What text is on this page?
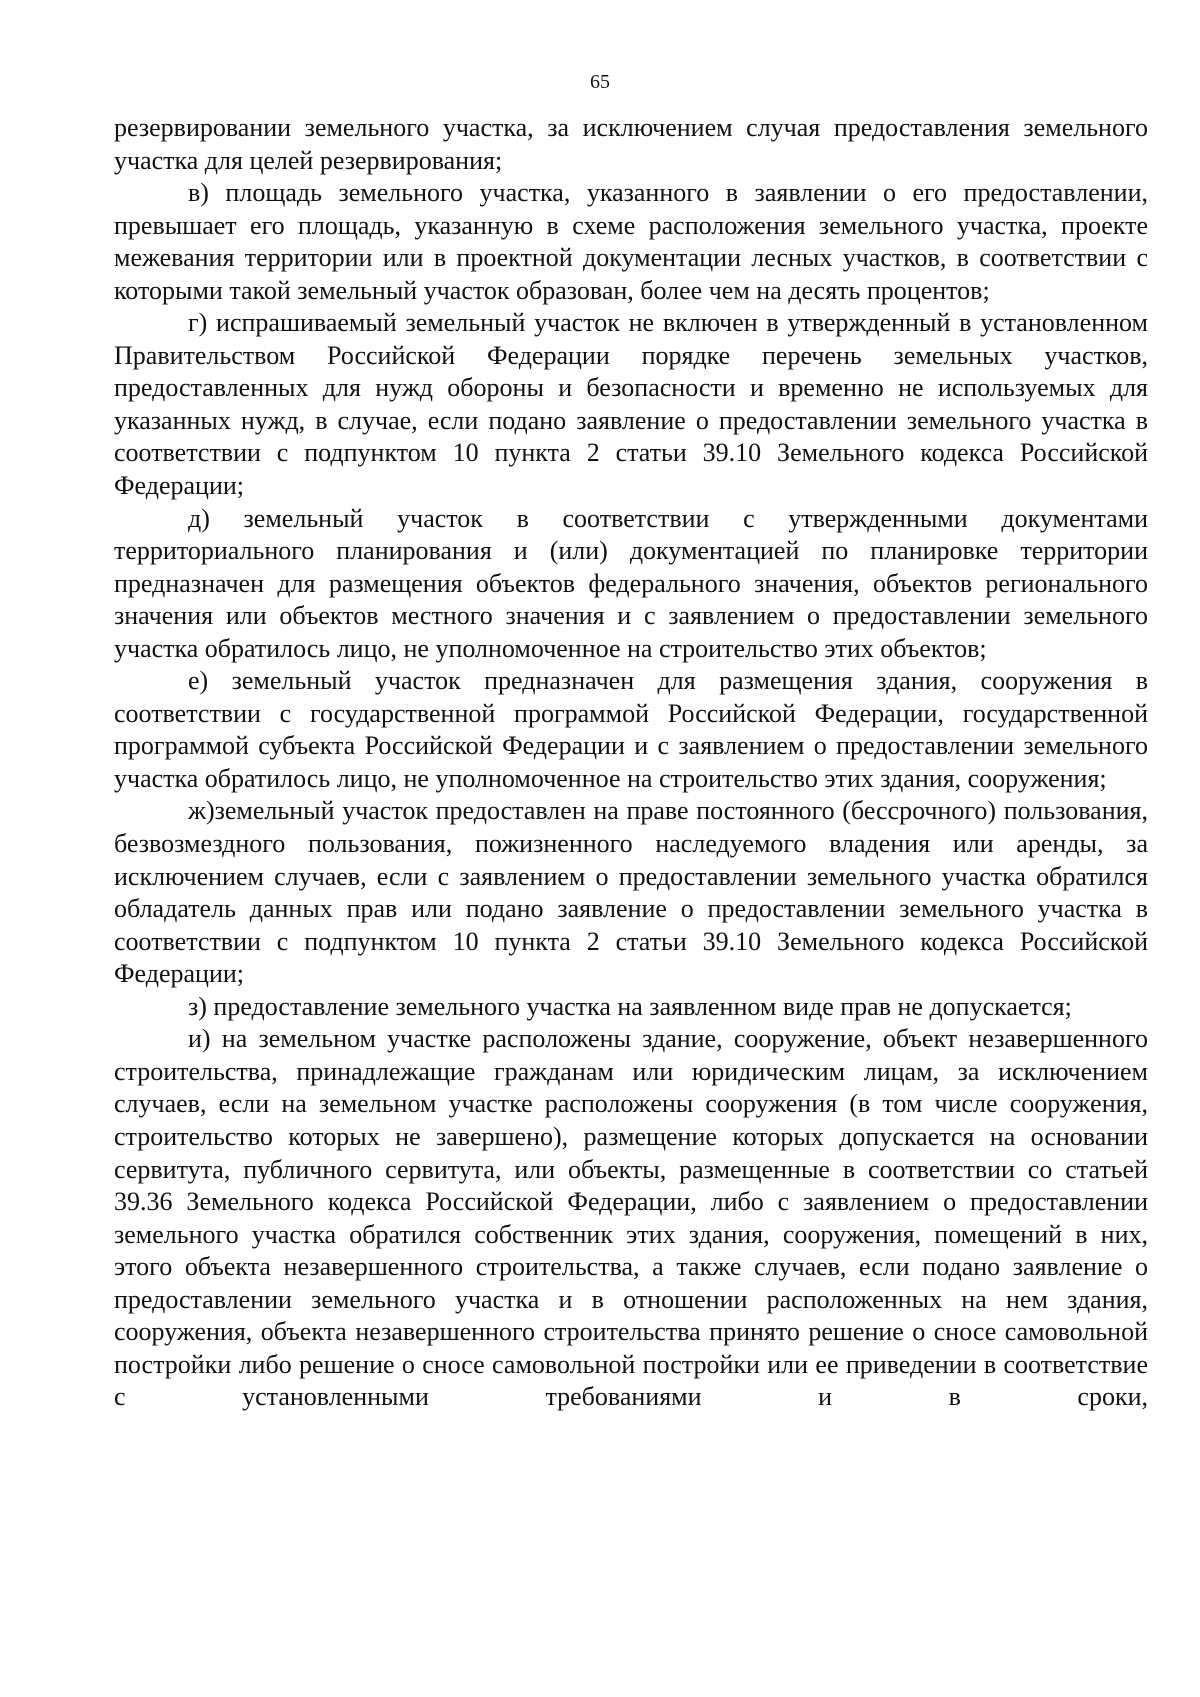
65

резервировании земельного участка, за исключением случая предоставления земельного участка для целей резервирования;

в) площадь земельного участка, указанного в заявлении о его предоставлении, превышает его площадь, указанную в схеме расположения земельного участка, проекте межевания территории или в проектной документации лесных участков, в соответствии с которыми такой земельный участок образован, более чем на десять процентов;

г) испрашиваемый земельный участок не включен в утвержденный в установленном Правительством Российской Федерации порядке перечень земельных участков, предоставленных для нужд обороны и безопасности и временно не используемых для указанных нужд, в случае, если подано заявление о предоставлении земельного участка в соответствии с подпунктом 10 пункта 2 статьи 39.10 Земельного кодекса Российской Федерации;

д) земельный участок в соответствии с утвержденными документами территориального планирования и (или) документацией по планировке территории предназначен для размещения объектов федерального значения, объектов регионального значения или объектов местного значения и с заявлением о предоставлении земельного участка обратилось лицо, не уполномоченное на строительство этих объектов;

е) земельный участок предназначен для размещения здания, сооружения в соответствии с государственной программой Российской Федерации, государственной программой субъекта Российской Федерации и с заявлением о предоставлении земельного участка обратилось лицо, не уполномоченное на строительство этих здания, сооружения;

ж)земельный участок предоставлен на праве постоянного (бессрочного) пользования, безвозмездного пользования, пожизненного наследуемого владения или аренды, за исключением случаев, если с заявлением о предоставлении земельного участка обратился обладатель данных прав или подано заявление о предоставлении земельного участка в соответствии с подпунктом 10 пункта 2 статьи 39.10 Земельного кодекса Российской Федерации;

з) предоставление земельного участка на заявленном виде прав не допускается;

и) на земельном участке расположены здание, сооружение, объект незавершенного строительства, принадлежащие гражданам или юридическим лицам, за исключением случаев, если на земельном участке расположены сооружения (в том числе сооружения, строительство которых не завершено), размещение которых допускается на основании сервитута, публичного сервитута, или объекты, размещенные в соответствии со статьей 39.36 Земельного кодекса Российской Федерации, либо с заявлением о предоставлении земельного участка обратился собственник этих здания, сооружения, помещений в них, этого объекта незавершенного строительства, а также случаев, если подано заявление о предоставлении земельного участка и в отношении расположенных на нем здания, сооружения, объекта незавершенного строительства принято решение о сносе самовольной постройки либо решение о сносе самовольной постройки или ее приведении в соответствие с установленными требованиями и в сроки,
